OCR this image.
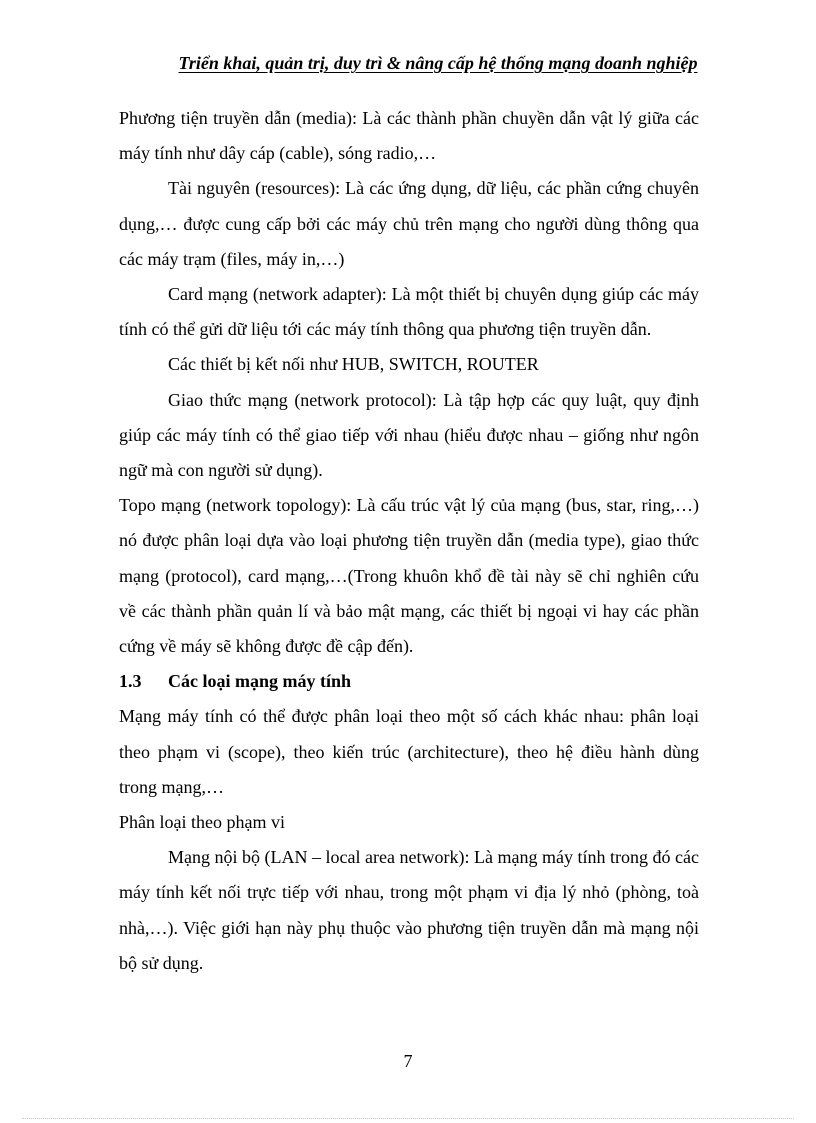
Triển khai, quản trị, duy trì & nâng cấp hệ thống mạng doanh nghiệp

Phương tiện truyền dẫn (media): Là các thành phần chuyền dẫn vật lý giữa các máy tính như dây cáp (cable), sóng radio,…

Tài nguyên (resources): Là các ứng dụng, dữ liệu, các phần cứng chuyên dụng,… được cung cấp bởi các máy chủ trên mạng cho người dùng thông qua các máy trạm (files, máy in,…)

Card mạng (network adapter): Là một thiết bị chuyên dụng giúp các máy tính có thể gửi dữ liệu tới các máy tính thông qua phương tiện truyền dẫn.

Các thiết bị kết nối như HUB, SWITCH, ROUTER

Giao thức mạng (network protocol): Là tập hợp các quy luật, quy định giúp các máy tính có thể giao tiếp với nhau (hiểu được nhau – giống như ngôn ngữ mà con người sử dụng).

Topo mạng (network topology): Là cấu trúc vật lý của mạng (bus, star, ring,…) nó được phân loại dựa vào loại phương tiện truyền dẫn (media type), giao thức mạng (protocol), card mạng,…(Trong khuôn khổ đề tài này sẽ chỉ nghiên cứu về các thành phần quản lí và bảo mật mạng, các thiết bị ngoại vi hay các phần cứng về máy sẽ không được đề cập đến).

1.3 Các loại mạng máy tính

Mạng máy tính có thể được phân loại theo một số cách khác nhau: phân loại theo phạm vi (scope), theo kiến trúc (architecture), theo hệ điều hành dùng trong mạng,…

Phân loại theo phạm vi

Mạng nội bộ (LAN – local area network): Là mạng máy tính trong đó các máy tính kết nối trực tiếp với nhau, trong một phạm vi địa lý nhỏ (phòng, toà nhà,…). Việc giới hạn này phụ thuộc vào phương tiện truyền dẫn mà mạng nội bộ sử dụng.

7
